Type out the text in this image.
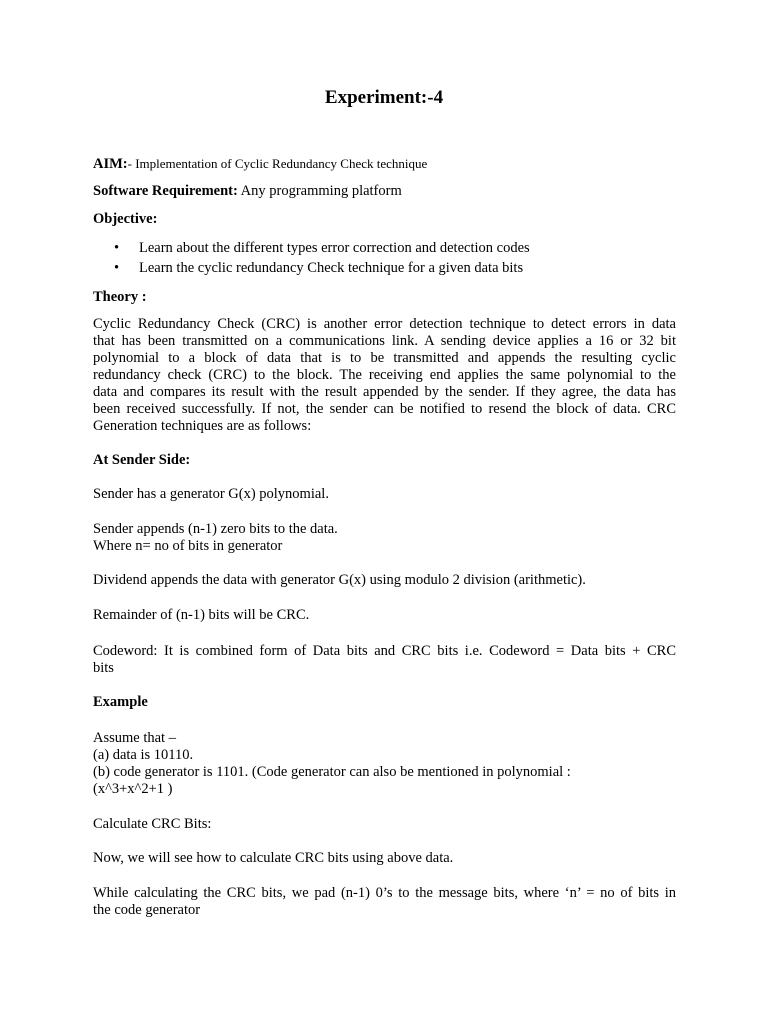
Experiment:-4

AIM:- Implementation of Cyclic Redundancy Check technique

Software Requirement: Any programming platform

Objective:

• Learn about the different types error correction and detection codes
• Learn the cyclic redundancy Check technique for a given data bits

Theory :

Cyclic Redundancy Check (CRC) is another error detection technique to detect errors in data
that has been transmitted on a communications link. A sending device applies a 16 or 32 bit
polynomial to a block of data that is to be transmitted and appends the resulting cyclic
redundancy check (CRC) to the block. The receiving end applies the same polynomial to the
data and compares its result with the result appended by the sender. If they agree, the data has
been received successfully. If not, the sender can be notified to resend the block of data. CRC
Generation techniques are as follows:

At Sender Side:

Sender has a generator G(x) polynomial.

Sender appends (n-1) zero bits to the data.

Where n= no of bits in generator

Dividend appends the data with generator G(x) using modulo 2 division (arithmetic).

Remainder of (n-1) bits will be CRC.

Codeword: It is combined form of Data bits and CRC bits i.e. Codeword = Data bits + CRC
bits

Example

Assume that –

(a) data is 10110.

(b) code generator is 1101. (Code generator can also be mentioned in polynomial :

(x^3+x^2+1 )

Calculate CRC Bits:

Now, we will see how to calculate CRC bits using above data.

While calculating the CRC bits, we pad (n-1) 0’s to the message bits, where ‘n’ = no of bits in
the code generator
